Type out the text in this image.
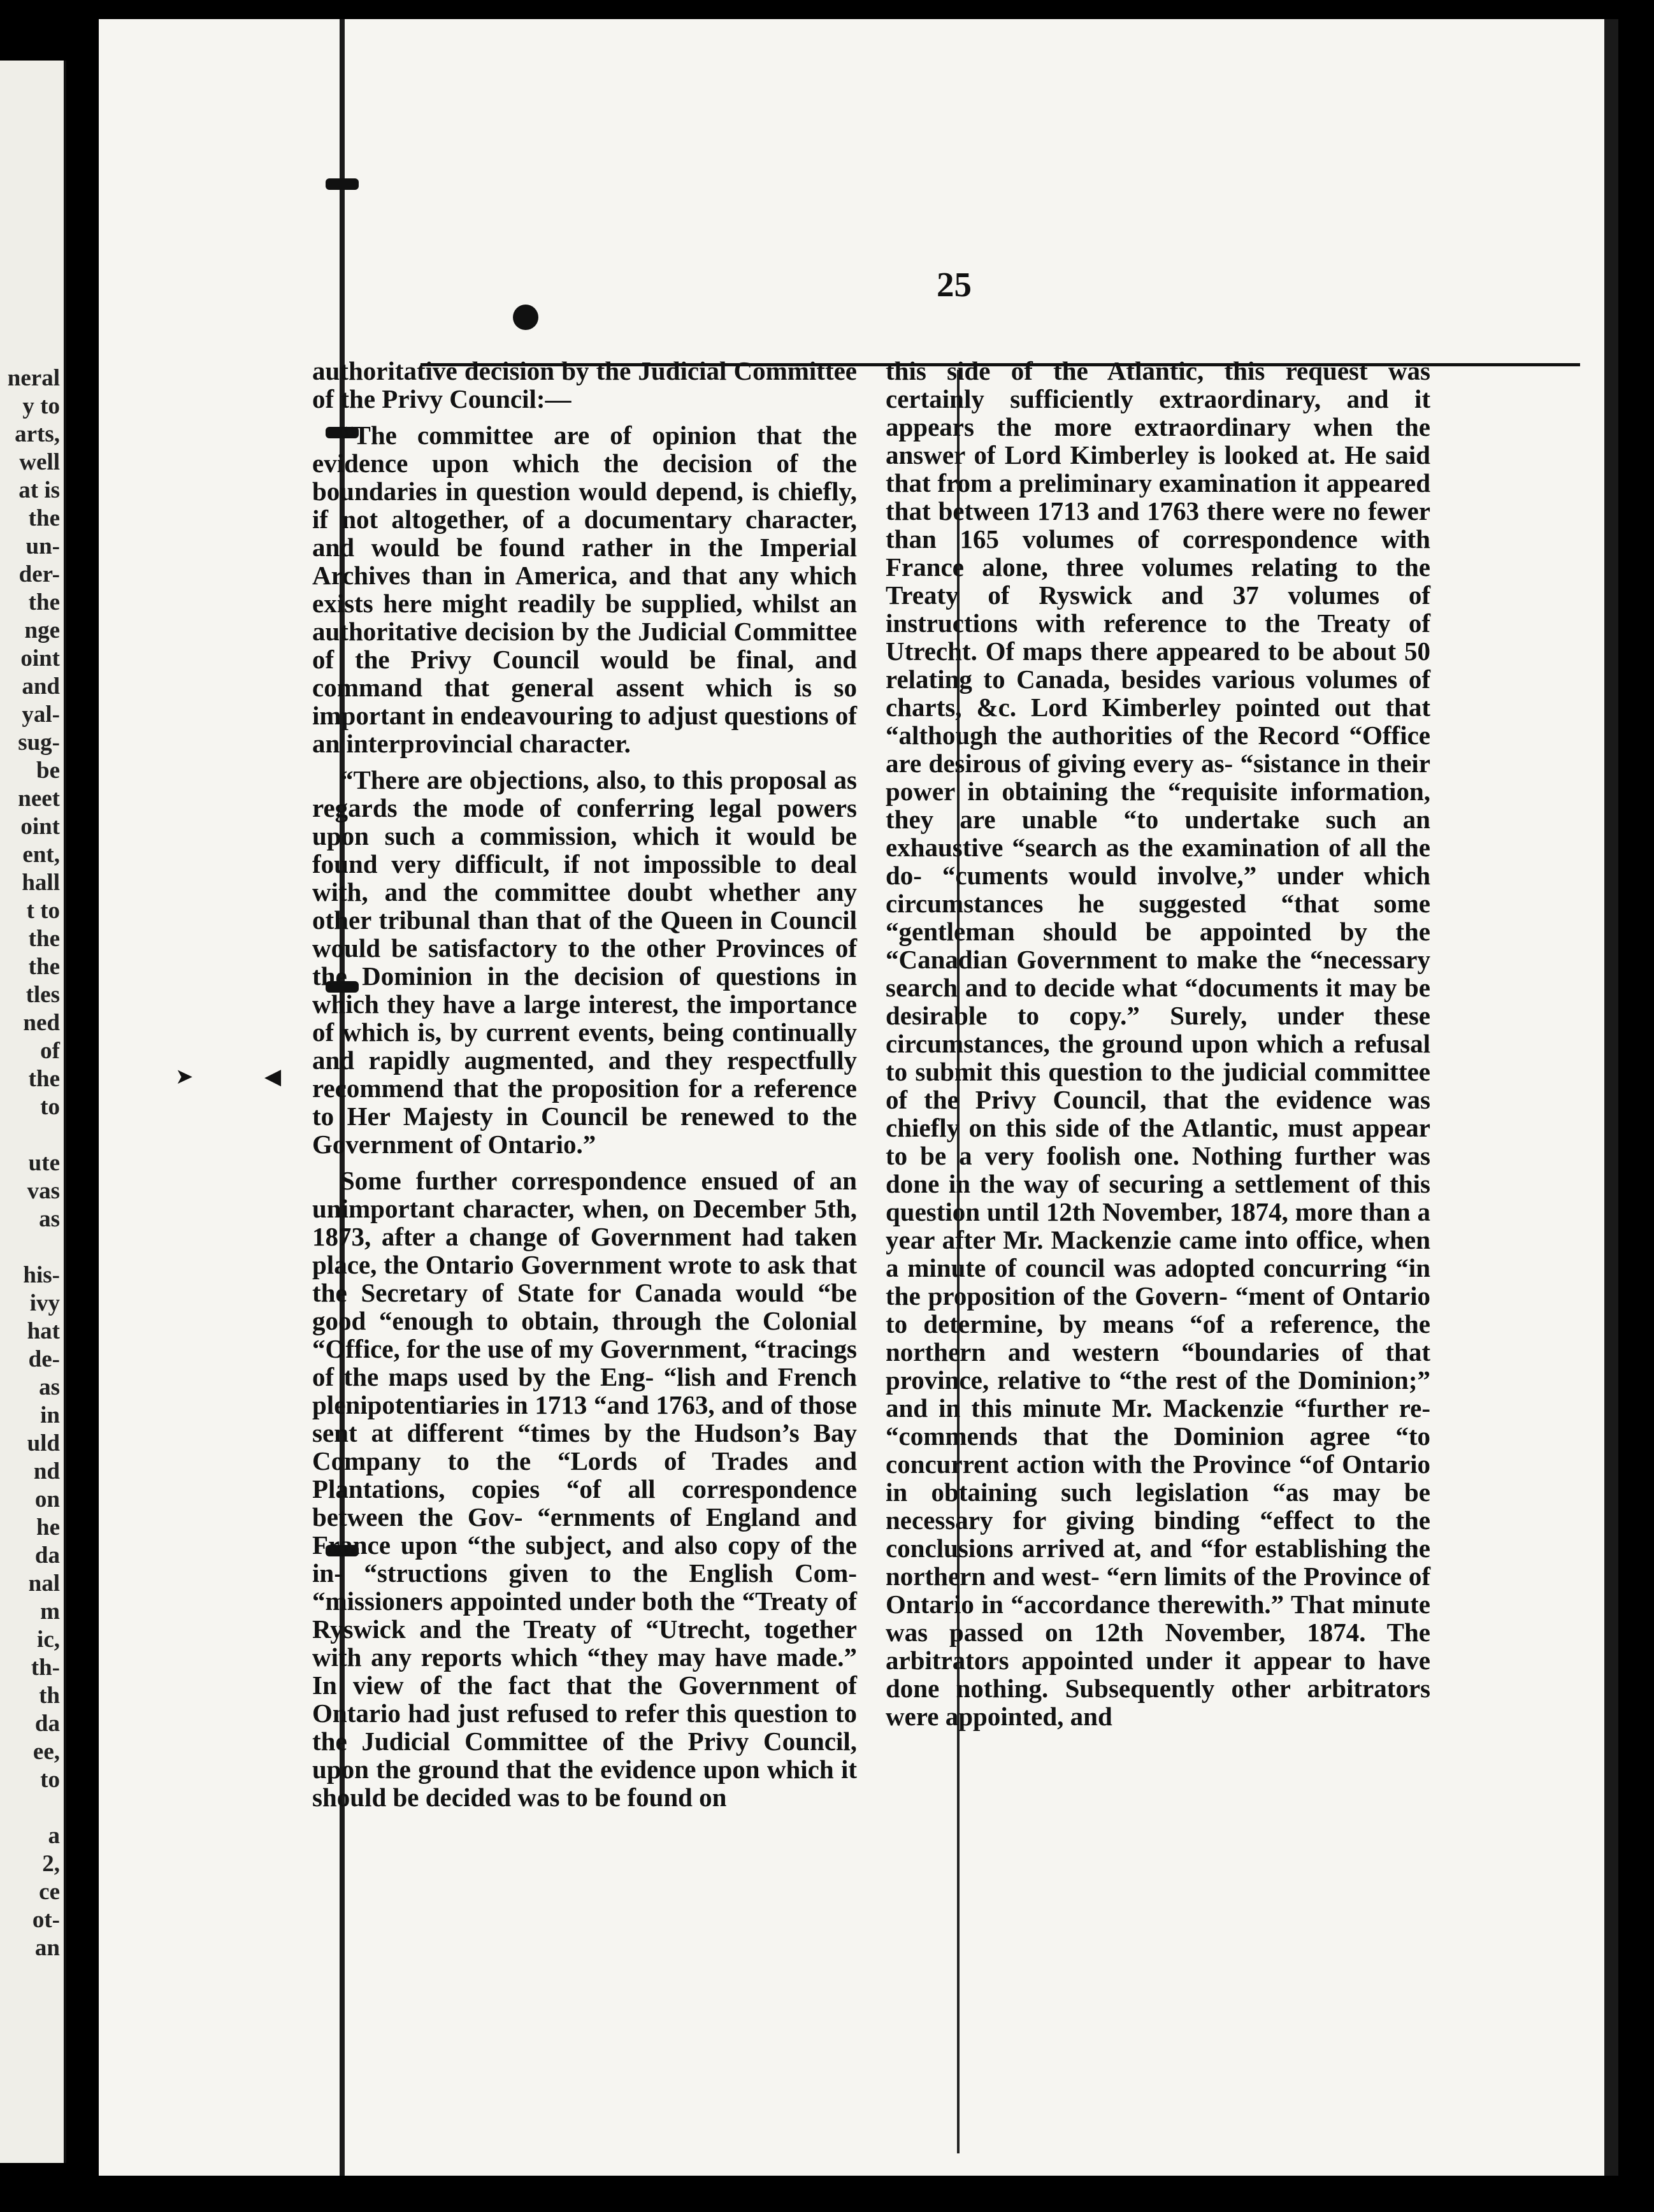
neral
y to
arts,
well
at is
the
un-
der-
the
nge
oint
and
yal-
sug-
be
neet
oint
ent,
hall
t to
the
the
tles
ned
of
the
to
ute
vas
as
his-
ivy
hat
de-
as
in
uld
nd
on
he
da
nal
m
ic,
th-
th
da
ee,
to
a
2,
ce
ot-
an
➤	◀
25

authoritative decision by the Judicial Committee of the Privy Council:—

“The committee are of opinion that the evidence upon which the decision of the boundaries in question would depend, is chiefly, if not altogether, of a documentary character, and would be found rather in the Imperial Archives than in America, and that any which exists here might readily be supplied, whilst an authoritative decision by the Judicial Committee of the Privy Council would be final, and command that general assent which is so important in endeavouring to adjust questions of an interprovincial character.

“There are objections, also, to this proposal as regards the mode of conferring legal powers upon such a commission, which it would be found very difficult, if not impossible to deal with, and the committee doubt whether any other tribunal than that of the Queen in Council would be satisfactory to the other Provinces of the Dominion in the decision of questions in which they have a large interest, the importance of which is, by current events, being continually and rapidly augmented, and they respectfully recommend that the proposition for a reference to Her Majesty in Council be renewed to the Government of Ontario.”

Some further correspondence ensued of an unimportant character, when, on December 5th, 1873, after a change of Government had taken place, the Ontario Government wrote to ask that the Secretary of State for Canada would “be good “enough to obtain, through the Colonial “Office, for the use of my Government, “tracings of the maps used by the Eng- “lish and French plenipotentiaries in 1713 “and 1763, and of those sent at different “times by the Hudson’s Bay Company to the “Lords of Trades and Plantations, copies “of all correspondence between the Gov- “ernments of England and France upon “the subject, and also copy of the in- “structions given to the English Com- “missioners appointed under both the “Treaty of Ryswick and the Treaty of “Utrecht, together with any reports which “they may have made.” In view of the fact that the Government of Ontario had just refused to refer this question to the Judicial Committee of the Privy Council, upon the ground that the evidence upon which it should be decided was to be found on

this side of the Atlantic, this request was certainly sufficiently extraordinary, and it appears the more extraordinary when the answer of Lord Kimberley is looked at. He said that from a preliminary examination it appeared that between 1713 and 1763 there were no fewer than 165 volumes of correspondence with France alone, three volumes relating to the Treaty of Ryswick and 37 volumes of instructions with reference to the Treaty of Utrecht. Of maps there appeared to be about 50 relating to Canada, besides various volumes of charts, &c. Lord Kimberley pointed out that “although the authorities of the Record “Office are desirous of giving every as- “sistance in their power in obtaining the “requisite information, they are unable “to undertake such an exhaustive “search as the examination of all the do- “cuments would involve,” under which circumstances he suggested “that some “gentleman should be appointed by the “Canadian Government to make the “necessary search and to decide what “documents it may be desirable to copy.” Surely, under these circumstances, the ground upon which a refusal to submit this question to the judicial committee of the Privy Council, that the evidence was chiefly on this side of the Atlantic, must appear to be a very foolish one. Nothing further was done in the way of securing a settlement of this question until 12th November, 1874, more than a year after Mr. Mackenzie came into office, when a minute of council was adopted concurring “in the proposition of the Govern- “ment of Ontario to determine, by means “of a reference, the northern and western “boundaries of that province, relative to “the rest of the Dominion;” and in this minute Mr. Mackenzie “further re- “commends that the Dominion agree “to concurrent action with the Province “of Ontario in obtaining such legislation “as may be necessary for giving binding “effect to the conclusions arrived at, and “for establishing the northern and west- “ern limits of the Province of Ontario in “accordance therewith.” That minute was passed on 12th November, 1874. The arbitrators appointed under it appear to have done nothing. Subsequently other arbitrators were appointed, and
